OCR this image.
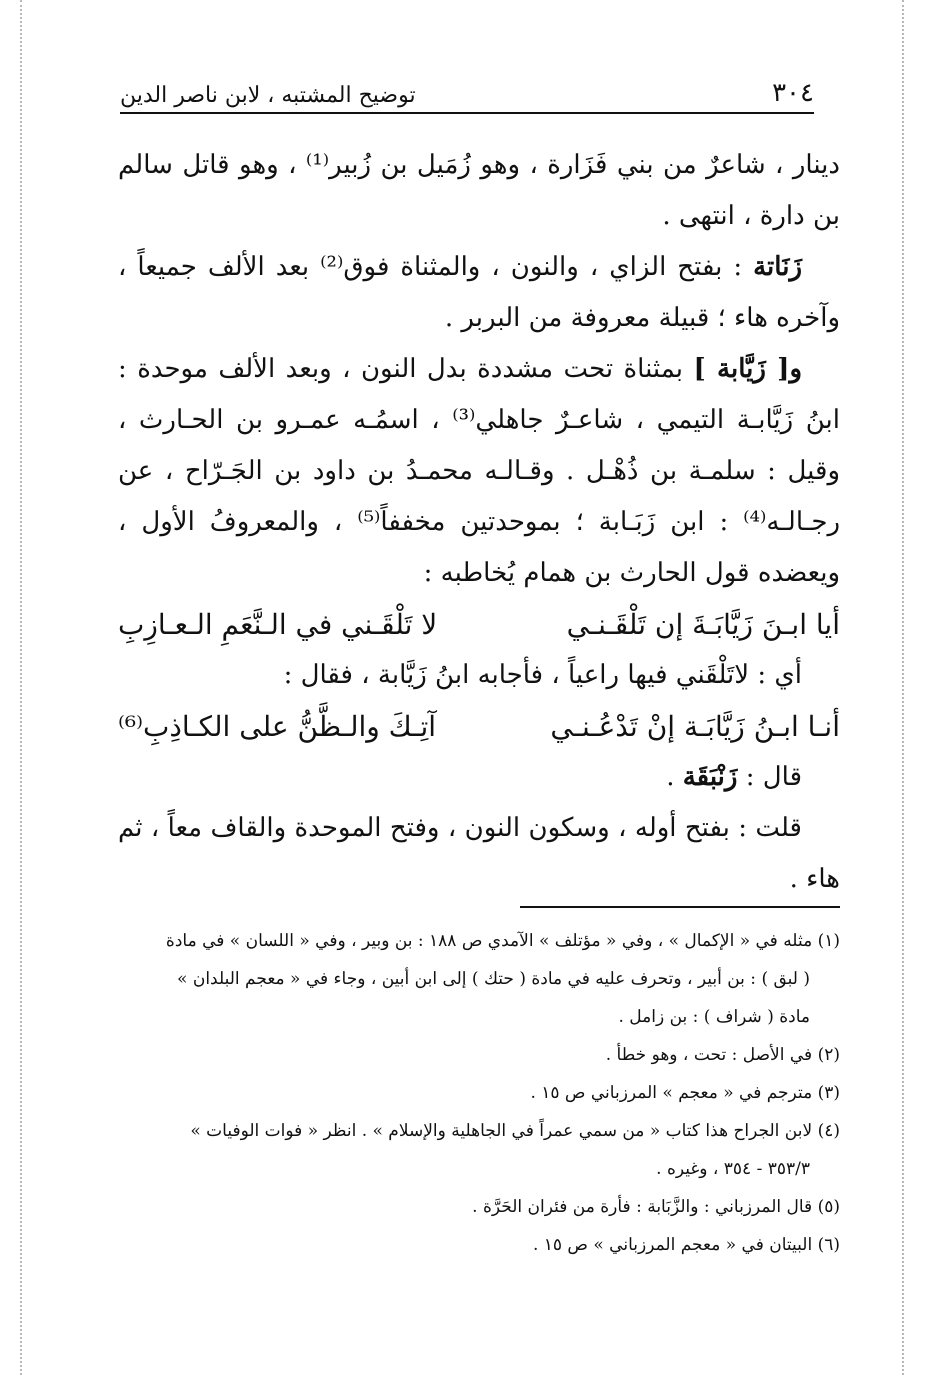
٣٠٤
توضيح المشتبه ، لابن ناصر الدين

دينار ، شاعرٌ من بني فَزَارة ، وهو زُمَيل بن زُبير⁽¹⁾ ، وهو قاتل سالم بن دارة ، انتهى .

زَنَاتة : بفتح الزاي ، والنون ، والمثناة فوق⁽²⁾ بعد الألف جميعاً ، وآخره هاء ؛ قبيلة معروفة من البربر .

و[ زَيَّابة ] بمثناة تحت مشددة بدل النون ، وبعد الألف موحدة : ابنُ زَيَّابـة التيمي ، شاعـرٌ جاهلي⁽³⁾ ، اسمُـه عمـرو بن الحـارث ، وقيل : سلمـة بن ذُهْـل . وقـالـه محمـدُ بن داود بن الجَـرّاح ، عن رجـالـه⁽⁴⁾ : ابن زَبَـابة ؛ بموحدتين مخففاً⁽⁵⁾ ، والمعروفُ الأول ، ويعضده قول الحارث بن همام يُخاطبه :

أيا ابـنَ زَيَّابَـةَ إن تَلْقَـنـي
لا تَلْقَـني في الـنَّعَمِ الـعـازِبِ

أي : لاتَلْقَني فيها راعياً ، فأجابه ابنُ زَيَّابة ، فقال :

أنـا ابـنُ زَيَّابَـة إنْ تَدْعُـنـي
آتِـكَ والـظَّنُّ على الكـاذِبِ⁽⁶⁾

قال : زَنْبَقَة .

قلت : بفتح أوله ، وسكون النون ، وفتح الموحدة والقاف معاً ، ثم هاء .

(١) مثله في « الإكمال » ، وفي « مؤتلف » الآمدي ص ١٨٨ : بن وبير ، وفي « اللسان » في مادة

( لبق ) : بن أبير ، وتحرف عليه في مادة ( حتك ) إلى ابن أبين ، وجاء في « معجم البلدان »

مادة ( شراف ) : بن زامل .

(٢) في الأصل : تحت ، وهو خطأ .

(٣) مترجم في « معجم » المرزباني ص ١٥ .

(٤) لابن الجراح هذا كتاب « من سمي عمراً في الجاهلية والإسلام » . انظر « فوات الوفيات »

٣٥٣/٣ - ٣٥٤ ، وغيره .

(٥) قال المرزباني : والزَّبَابة : فأرة من فئران الحَرَّة .

(٦) البيتان في « معجم المرزباني » ص ١٥ .
